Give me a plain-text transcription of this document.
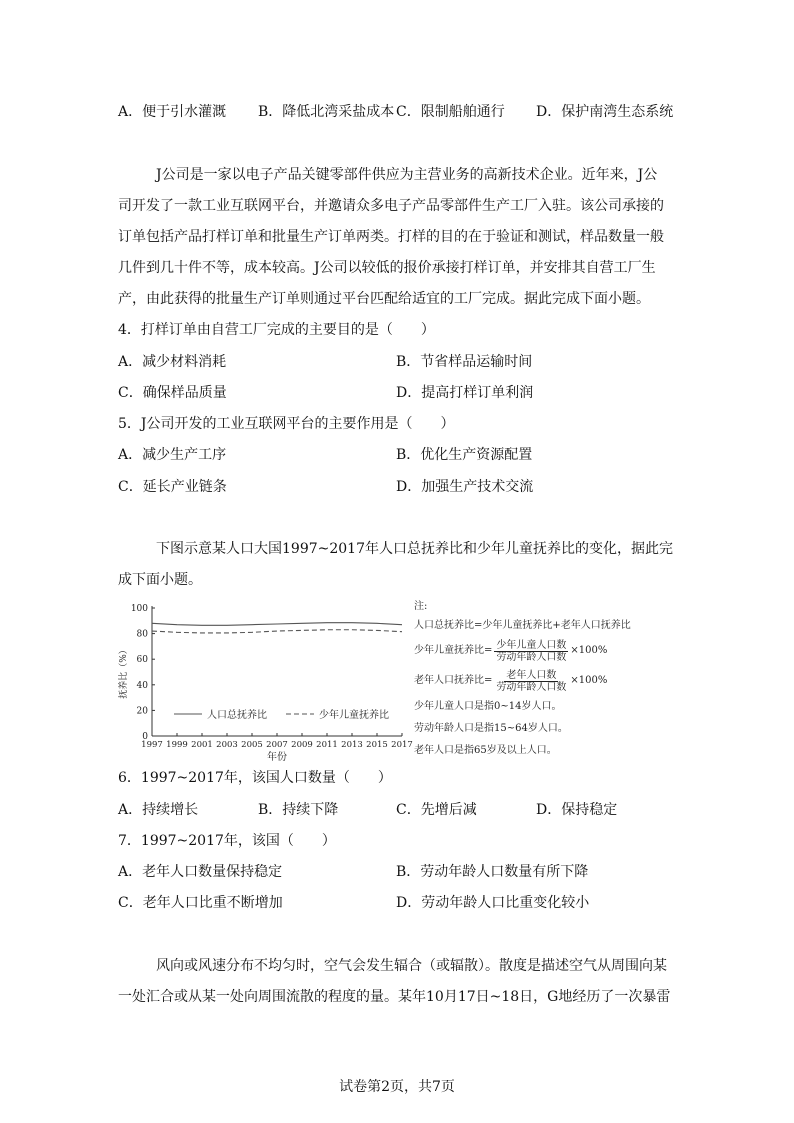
A．便于引水灌溉 B．降低北湾采盐成本 C．限制船舶通行 D．保护南湾生态系统
J公司是一家以电子产品关键零部件供应为主营业务的高新技术企业。近年来，J公
司开发了一款工业互联网平台，并邀请众多电子产品零部件生产工厂入驻。该公司承接的
订单包括产品打样订单和批量生产订单两类。打样的目的在于验证和测试，样品数量一般
几件到几十件不等，成本较高。J公司以较低的报价承接打样订单，并安排其自营工厂生
产，由此获得的批量生产订单则通过平台匹配给适宜的工厂完成。据此完成下面小题。
4．打样订单由自营工厂完成的主要目的是（　　）
A．减少材料消耗	B．节省样品运输时间
C．确保样品质量	D．提高打样订单利润
5．J公司开发的工业互联网平台的主要作用是（　　）
A．减少生产工序	B．优化生产资源配置
C．延长产业链条	D．加强生产技术交流
下图示意某人口大国1997~2017年人口总抚养比和少年儿童抚养比的变化，据此完
成下面小题。
0
20
40
60
80
100
1997 1999 2001 2003 2005 2007 2009 2011 2013 2015 2017
年份
抚养比（%）
人口总抚养比	少年儿童抚养比
注:
人口总抚养比=少年儿童抚养比+老年人口抚养比
少年儿童抚养比= $\frac{\text{少年儿童人口数}}{\text{劳动年龄人口数}} \times 100\%$
老年人口抚养比= $\frac{\text{老年人口数}}{\text{劳动年龄人口数}} \times 100\%$
少年儿童人口是指0~14岁人口。
劳动年龄人口是指15~64岁人口。
老年人口是指65岁及以上人口。
6．1997~2017年，该国人口数量（　　）
A．持续增长	B．持续下降	C．先增后减	D．保持稳定
7．1997~2017年，该国（　　）
A．老年人口数量保持稳定	B．劳动年龄人口数量有所下降
C．老年人口比重不断增加	D．劳动年龄人口比重变化较小
风向或风速分布不均匀时，空气会发生辐合（或辐散）。散度是描述空气从周围向某
一处汇合或从某一处向周围流散的程度的量。某年10月17日~18日，G地经历了一次暴雷
试卷第2页，共7页
